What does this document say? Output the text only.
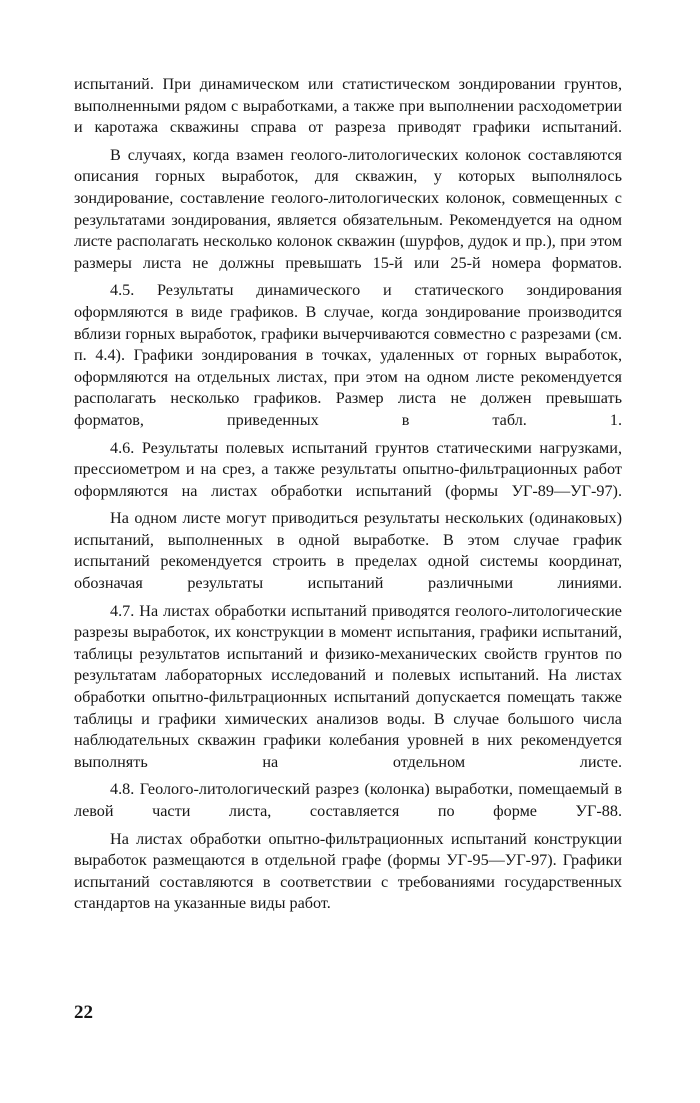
испытаний. При динамическом или статистическом зондировании грунтов, выполненными рядом с выработками, а также при выполнении расходометрии и каротажа скважины справа от разреза приводят графики испытаний.

В случаях, когда взамен геолого-литологических колонок составляются описания горных выработок, для скважин, у которых выполнялось зондирование, составление геолого-литологических колонок, совмещенных с результатами зондирования, является обязательным. Рекомендуется на одном листе располагать несколько колонок скважин (шурфов, дудок и пр.), при этом размеры листа не должны превышать 15-й или 25-й номера форматов.

4.5. Результаты динамического и статического зондирования оформляются в виде графиков. В случае, когда зондирование производится вблизи горных выработок, графики вычерчиваются совместно с разрезами (см. п. 4.4). Графики зондирования в точках, удаленных от горных выработок, оформляются на отдельных листах, при этом на одном листе рекомендуется располагать несколько графиков. Размер листа не должен превышать форматов, приведенных в табл. 1.

4.6. Результаты полевых испытаний грунтов статическими нагрузками, прессиометром и на срез, а также результаты опытно-фильтрационных работ оформляются на листах обработки испытаний (формы УГ-89—УГ-97).

На одном листе могут приводиться результаты нескольких (одинаковых) испытаний, выполненных в одной выработке. В этом случае график испытаний рекомендуется строить в пределах одной системы координат, обозначая результаты испытаний различными линиями.

4.7. На листах обработки испытаний приводятся геолого-литологические разрезы выработок, их конструкции в момент испытания, графики испытаний, таблицы результатов испытаний и физико-механических свойств грунтов по результатам лабораторных исследований и полевых испытаний. На листах обработки опытно-фильтрационных испытаний допускается помещать также таблицы и графики химических анализов воды. В случае большого числа наблюдательных скважин графики колебания уровней в них рекомендуется выполнять на отдельном листе.

4.8. Геолого-литологический разрез (колонка) выработки, помещаемый в левой части листа, составляется по форме УГ-88.

На листах обработки опытно-фильтрационных испытаний конструкции выработок размещаются в отдельной графе (формы УГ-95—УГ-97). Графики испытаний составляются в соответствии с требованиями государственных стандартов на указанные виды работ.

22
